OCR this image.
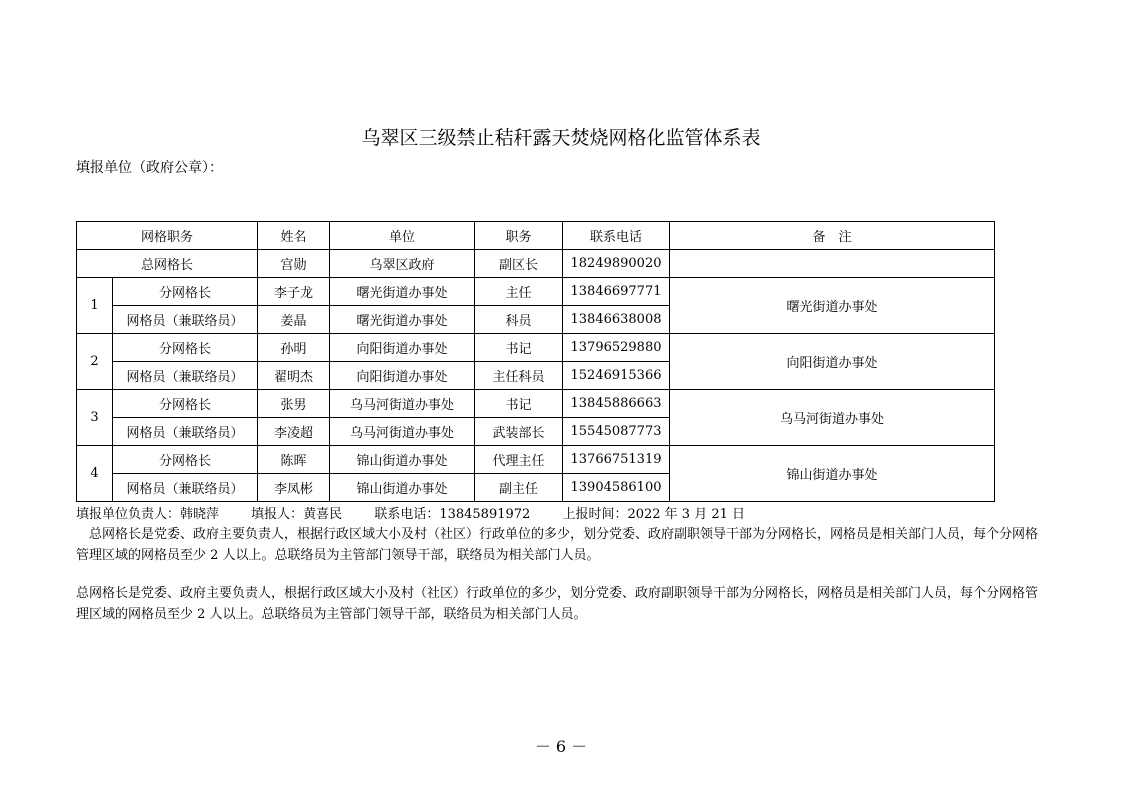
乌翠区三级禁止秸秆露天焚烧网格化监管体系表
填报单位（政府公章）：
网格职务		姓名	单位	职务	联系电话	备　注
总网格长		宫勋	乌翠区政府	副区长	18249890020	
1	分网格长	李子龙	曙光街道办事处	主任	13846697771	曙光街道办事处
	网格员（兼联络员）	姜晶	曙光街道办事处	科员	13846638008	
2	分网格长	孙明	向阳街道办事处	书记	13796529880	向阳街道办事处
	网格员（兼联络员）	翟明杰	向阳街道办事处	主任科员	15246915366	
3	分网格长	张男	乌马河街道办事处	书记	13845886663	乌马河街道办事处
	网格员（兼联络员）	李凌超	乌马河街道办事处	武装部长	15545087773	
4	分网格长	陈晖	锦山街道办事处	代理主任	13766751319	锦山街道办事处
	网格员（兼联络员）	李凤彬	锦山街道办事处	副主任	13904586100	
填报单位负责人：韩晓萍 填报人：黄喜民 联系电话：13845891972 上报时间：2022 年 3 月 21 日
总网格长是党委、政府主要负责人，根据行政区域大小及村（社区）行政单位的多少，划分党委、政府副职领导干部为分网格长，网格员是相关部门人员，每个分网格管理区域的网格员至少 2 人以上。总联络员为主管部门领导干部，联络员为相关部门人员。
总网格长是党委、政府主要负责人，根据行政区域大小及村（社区）行政单位的多少，划分党委、政府副职领导干部为分网格长，网格员是相关部门人员，每个分网格管理区域的网格员至少 2 人以上。总联络员为主管部门领导干部，联络员为相关部门人员。
－ 6 －
